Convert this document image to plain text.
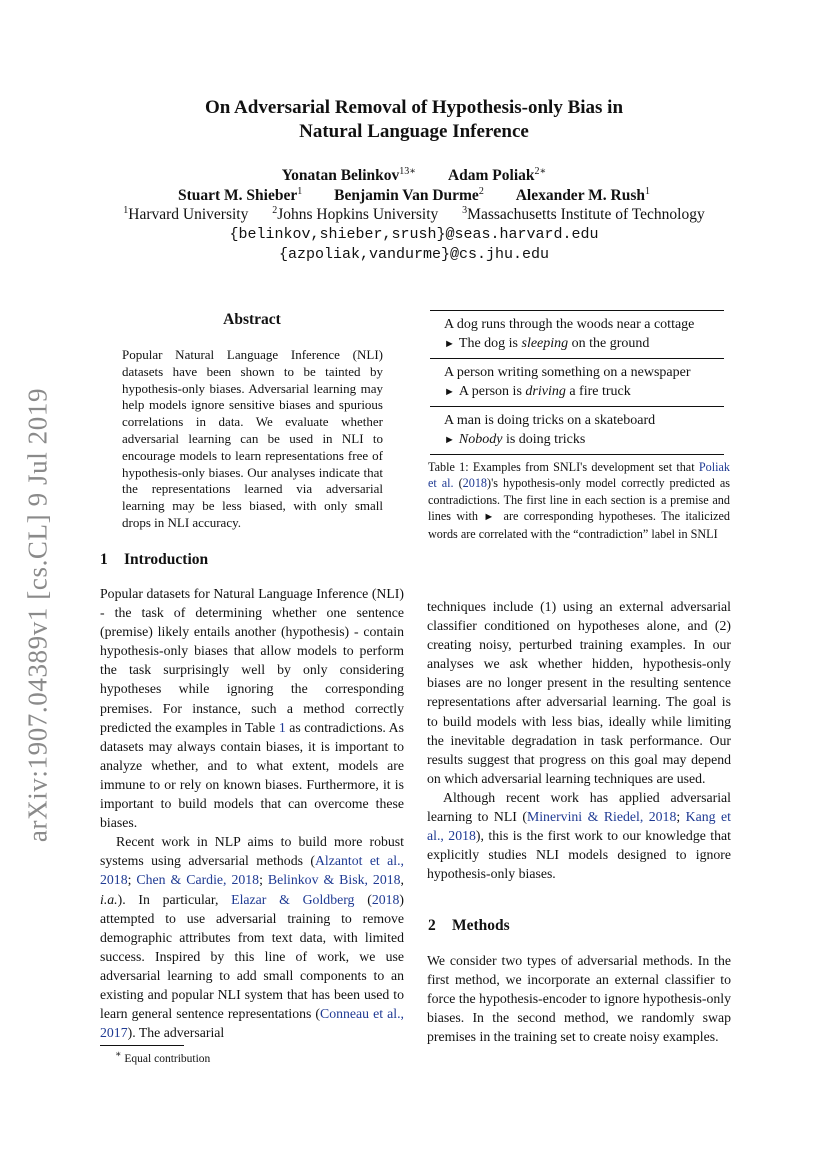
arXiv:1907.04389v1 [cs.CL] 9 Jul 2019
On Adversarial Removal of Hypothesis-only Bias in
Natural Language Inference
Yonatan Belinkov$^{13∗}$ Adam Poliak$^{2∗}$
Stuart M. Shieber$^1$ Benjamin Van Durme$^2$ Alexander M. Rush$^1$
$^1$Harvard University $^2$Johns Hopkins University $^3$Massachusetts Institute of Technology
{belinkov,shieber,srush}@seas.harvard.edu
{azpoliak,vandurme}@cs.jhu.edu
Abstract
Popular Natural Language Inference (NLI) datasets have been shown to be tainted by hypothesis-only biases. Adversarial learning may help models ignore sensitive biases and spurious correlations in data. We evaluate whether adversarial learning can be used in NLI to encourage models to learn representations free of hypothesis-only biases. Our analyses indicate that the representations learned via adversarial learning may be less biased, with only small drops in NLI accuracy.
1 Introduction

Popular datasets for Natural Language Inference (NLI) - the task of determining whether one sentence (premise) likely entails another (hypothesis) - contain hypothesis-only biases that allow models to perform the task surprisingly well by only considering hypotheses while ignoring the corresponding premises. For instance, such a method correctly predicted the examples in Table 1 as contradictions. As datasets may always contain biases, it is important to analyze whether, and to what extent, models are immune to or rely on known biases. Furthermore, it is important to build models that can overcome these biases.

Recent work in NLP aims to build more robust systems using adversarial methods (Alzantot et al., 2018; Chen & Cardie, 2018; Belinkov & Bisk, 2018, i.a.). In particular, Elazar & Goldberg (2018) attempted to use adversarial training to remove demographic attributes from text data, with limited success. Inspired by this line of work, we use adversarial learning to add small components to an existing and popular NLI system that has been used to learn general sentence representations (Conneau et al., 2017). The adversarial

∗ Equal contribution
A dog runs through the woods near a cottage
► The dog is sleeping on the ground
A person writing something on a newspaper
► A person is driving a fire truck
A man is doing tricks on a skateboard
► Nobody is doing tricks
Table 1: Examples from SNLI's development set that Poliak et al. (2018)'s hypothesis-only model correctly predicted as contradictions. The first line in each section is a premise and lines with ► are corresponding hypotheses. The italicized words are correlated with the “contradiction” label in SNLI

techniques include (1) using an external adversarial classifier conditioned on hypotheses alone, and (2) creating noisy, perturbed training examples. In our analyses we ask whether hidden, hypothesis-only biases are no longer present in the resulting sentence representations after adversarial learning. The goal is to build models with less bias, ideally while limiting the inevitable degradation in task performance. Our results suggest that progress on this goal may depend on which adversarial learning techniques are used.

Although recent work has applied adversarial learning to NLI (Minervini & Riedel, 2018; Kang et al., 2018), this is the first work to our knowledge that explicitly studies NLI models designed to ignore hypothesis-only biases.

2 Methods

We consider two types of adversarial methods. In the first method, we incorporate an external classifier to force the hypothesis-encoder to ignore hypothesis-only biases. In the second method, we randomly swap premises in the training set to create noisy examples.
